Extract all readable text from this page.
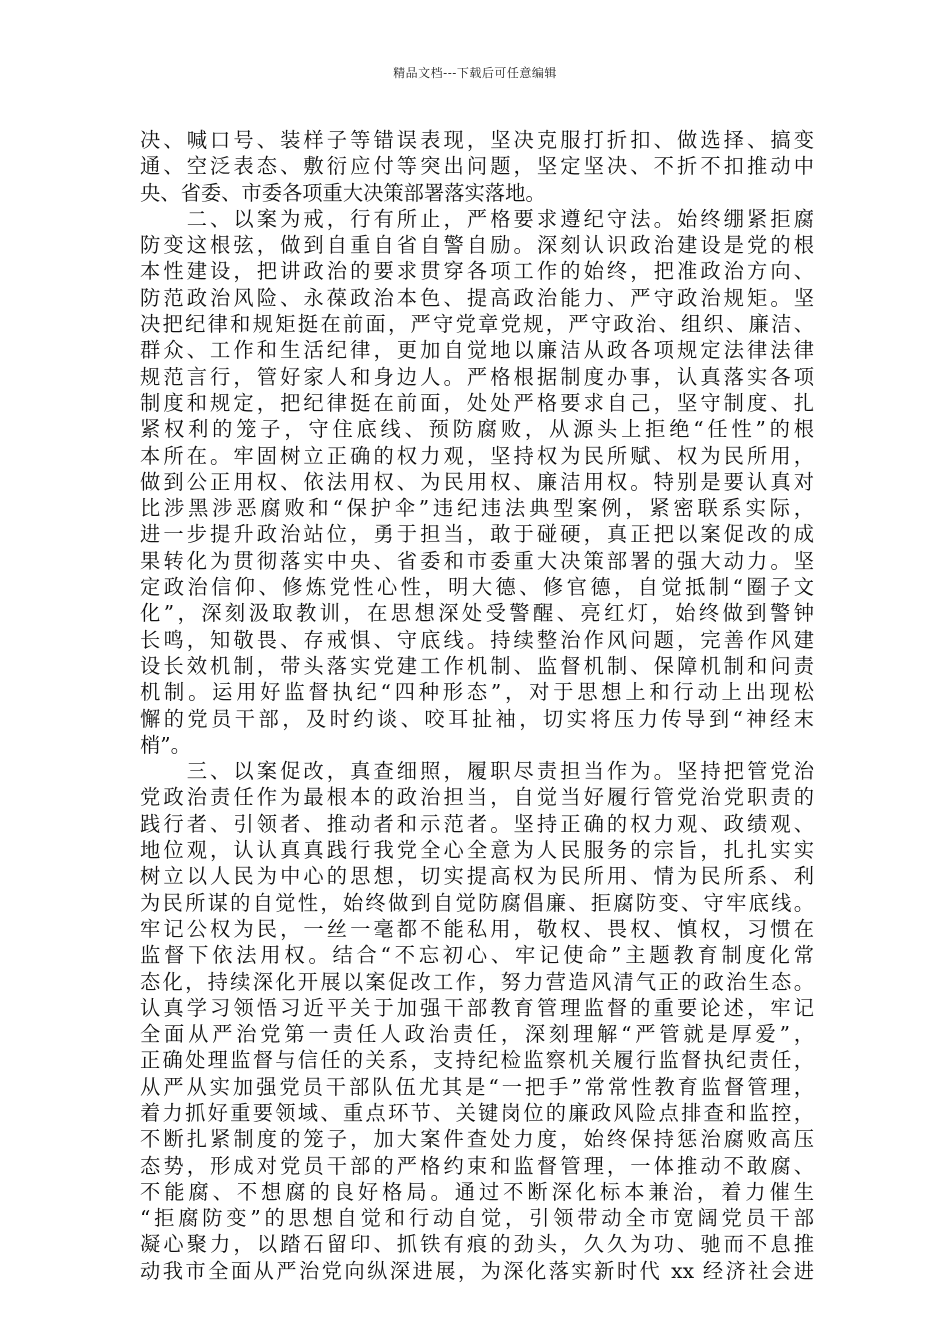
精品文档---下载后可任意编辑
决、喊口号、装样子等错误表现，坚决克服打折扣、做选择、搞变
通、空泛表态、敷衍应付等突出问题，坚定坚决、不折不扣推动中
央、省委、市委各项重大决策部署落实落地。
　　二、以案为戒，行有所止，严格要求遵纪守法。始终绷紧拒腐
防变这根弦，做到自重自省自警自励。深刻认识政治建设是党的根
本性建设，把讲政治的要求贯穿各项工作的始终，把准政治方向、
防范政治风险、永葆政治本色、提高政治能力、严守政治规矩。坚
决把纪律和规矩挺在前面，严守党章党规，严守政治、组织、廉洁、
群众、工作和生活纪律，更加自觉地以廉洁从政各项规定法律法律
规范言行，管好家人和身边人。严格根据制度办事，认真落实各项
制度和规定，把纪律挺在前面，处处严格要求自己，坚守制度、扎
紧权利的笼子，守住底线、预防腐败，从源头上拒绝“任性”的根
本所在。牢固树立正确的权力观，坚持权为民所赋、权为民所用，
做到公正用权、依法用权、为民用权、廉洁用权。特别是要认真对
比涉黑涉恶腐败和“保护伞”违纪违法典型案例，紧密联系实际，
进一步提升政治站位，勇于担当，敢于碰硬，真正把以案促改的成
果转化为贯彻落实中央、省委和市委重大决策部署的强大动力。坚
定政治信仰、修炼党性心性，明大德、修官德，自觉抵制“圈子文
化”，深刻汲取教训，在思想深处受警醒、亮红灯，始终做到警钟
长鸣，知敬畏、存戒惧、守底线。持续整治作风问题，完善作风建
设长效机制，带头落实党建工作机制、监督机制、保障机制和问责
机制。运用好监督执纪“四种形态”，对于思想上和行动上出现松
懈的党员干部，及时约谈、咬耳扯袖，切实将压力传导到“神经末
梢”。
　　三、以案促改，真查细照，履职尽责担当作为。坚持把管党治
党政治责任作为最根本的政治担当，自觉当好履行管党治党职责的
践行者、引领者、推动者和示范者。坚持正确的权力观、政绩观、
地位观，认认真真践行我党全心全意为人民服务的宗旨，扎扎实实
树立以人民为中心的思想，切实提高权为民所用、情为民所系、利
为民所谋的自觉性，始终做到自觉防腐倡廉、拒腐防变、守牢底线。
牢记公权为民，一丝一毫都不能私用，敬权、畏权、慎权，习惯在
监督下依法用权。结合“不忘初心、牢记使命”主题教育制度化常
态化，持续深化开展以案促改工作，努力营造风清气正的政治生态。
认真学习领悟习近平关于加强干部教育管理监督的重要论述，牢记
全面从严治党第一责任人政治责任，深刻理解“严管就是厚爱”，
正确处理监督与信任的关系，支持纪检监察机关履行监督执纪责任，
从严从实加强党员干部队伍尤其是“一把手”常常性教育监督管理，
着力抓好重要领域、重点环节、关键岗位的廉政风险点排查和监控，
不断扎紧制度的笼子，加大案件查处力度，始终保持惩治腐败高压
态势，形成对党员干部的严格约束和监督管理，一体推动不敢腐、
不能腐、不想腐的良好格局。通过不断深化标本兼治，着力催生
“拒腐防变”的思想自觉和行动自觉，引领带动全市宽阔党员干部
凝心聚力，以踏石留印、抓铁有痕的劲头，久久为功、驰而不息推
动我市全面从严治党向纵深进展，为深化落实新时代 xx 经济社会进
